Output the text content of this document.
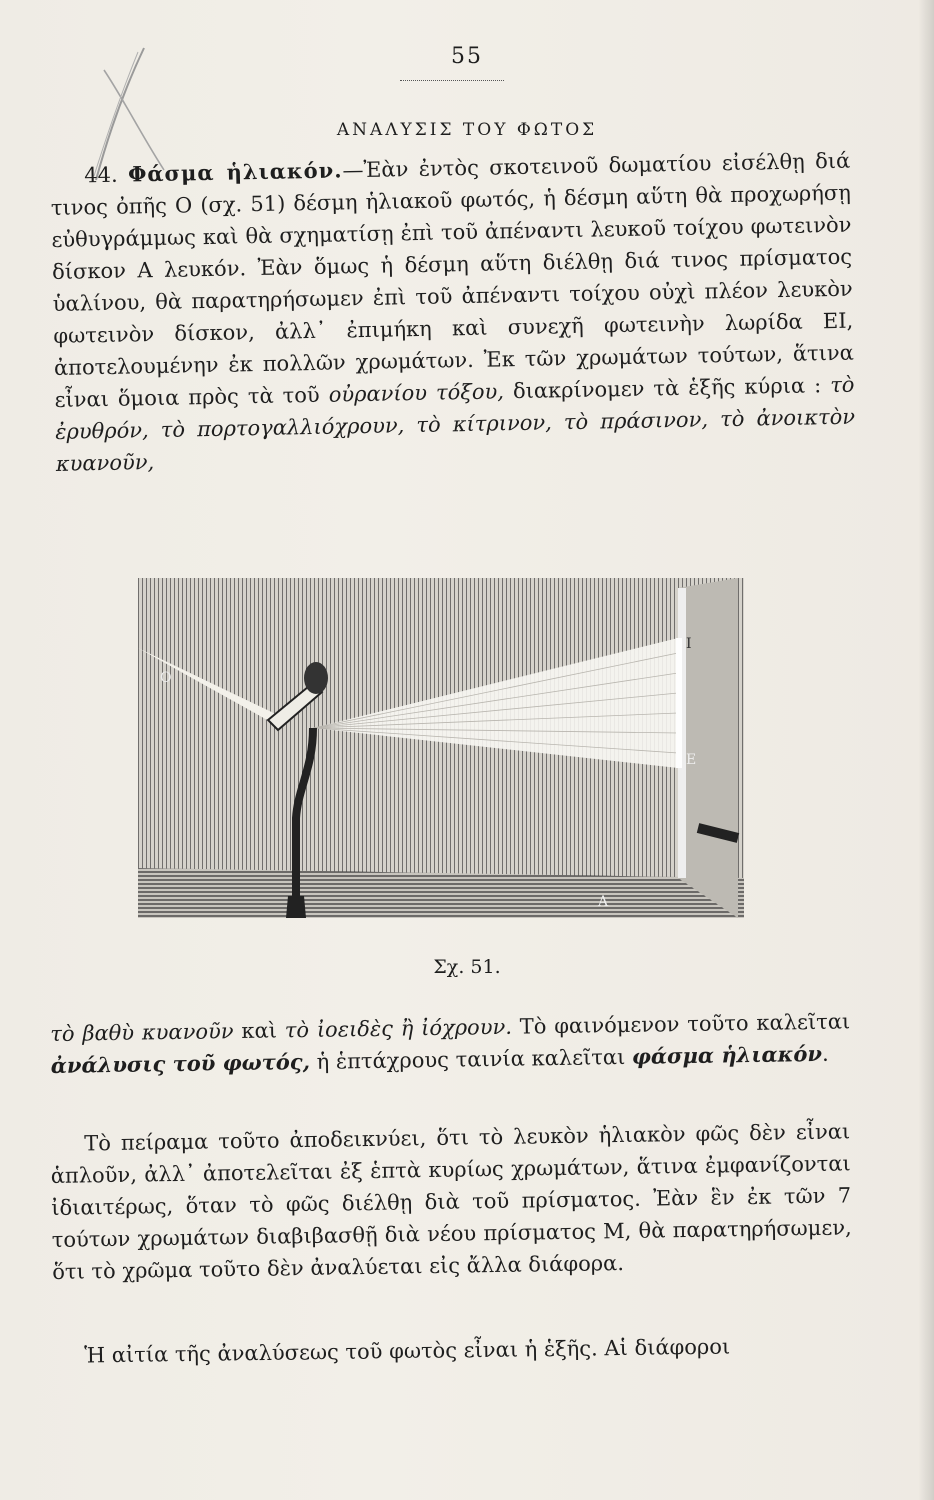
55
ΑΝΑΛΥΣΙΣ ΤΟΥ ΦΩΤΟΣ
44. Φάσμα ἡλιακόν.—Ἐὰν ἐντὸς σκοτεινοῦ δωματίου εἰσέλθῃ διά τινος ὀπῆς Ο (σχ. 51) δέσμη ἡλιακοῦ φωτός, ἡ δέσμη αὕτη θὰ προχωρήσῃ εὐθυγράμμως καὶ θὰ σχηματίσῃ ἐπὶ τοῦ ἀπέναντι λευκοῦ τοίχου φωτεινὸν δίσκον Α λευκόν. Ἐὰν ὅμως ἡ δέσμη αὕτη διέλθῃ διά τινος πρίσματος ὑαλίνου, θὰ παρατηρήσωμεν ἐπὶ τοῦ ἀπέναντι τοίχου οὐχὶ πλέον λευκὸν φωτεινὸν δίσκον, ἀλλ᾽ ἐπιμήκη καὶ συνεχῆ φωτεινὴν λωρίδα ΕΙ, ἀποτελουμένην ἐκ πολλῶν χρωμάτων. Ἐκ τῶν χρωμάτων τούτων, ἅτινα εἶναι ὅμοια πρὸς τὰ τοῦ οὐρανίου τόξου, διακρίνομεν τὰ ἑξῆς κύρια : τὸ ἐρυθρόν, τὸ πορτογαλλιόχρουν, τὸ κίτρινον, τὸ πράσινον, τὸ ἀνοικτὸν κυανοῦν,
Ο
Ε
Ι
Α
Σχ. 51.
τὸ βαθὺ κυανοῦν καὶ τὸ ἰοειδὲς ἢ ἰόχρουν. Τὸ φαινόμενον τοῦτο καλεῖται ἀνάλυσις τοῦ φωτός, ἡ ἑπτάχρους ταινία καλεῖται φάσμα ἡλιακόν.
Τὸ πείραμα τοῦτο ἀποδεικνύει, ὅτι τὸ λευκὸν ἡλιακὸν φῶς δὲν εἶναι ἁπλοῦν, ἀλλ᾽ ἀποτελεῖται ἐξ ἑπτὰ κυρίως χρωμάτων, ἅτινα ἐμφανίζονται ἰδιαιτέρως, ὅταν τὸ φῶς διέλθῃ διὰ τοῦ πρίσματος. Ἐὰν ἓν ἐκ τῶν 7 τούτων χρωμάτων διαβιβασθῇ διὰ νέου πρίσματος Μ, θὰ παρατηρήσωμεν, ὅτι τὸ χρῶμα τοῦτο δὲν ἀναλύεται εἰς ἄλλα διάφορα.
Ἡ αἰτία τῆς ἀναλύσεως τοῦ φωτὸς εἶναι ἡ ἑξῆς. Αἱ διάφοροι
